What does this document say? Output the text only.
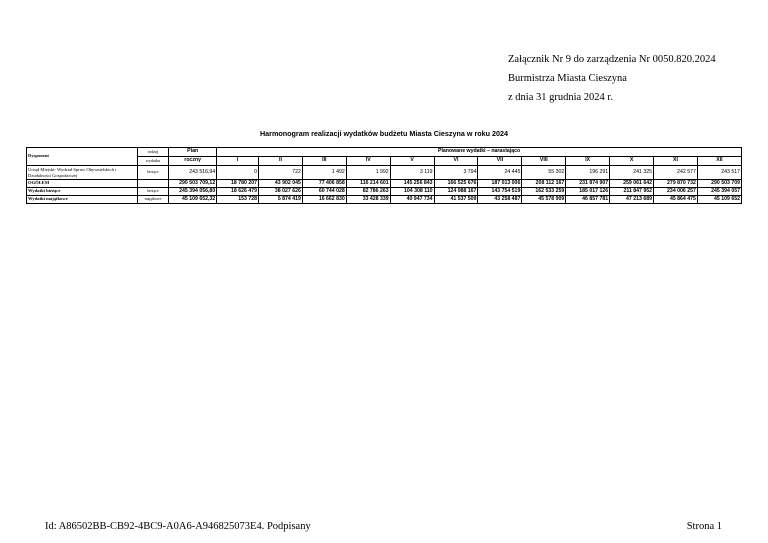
Załącznik Nr 9 do zarządzenia Nr 0050.820.2024
Burmistrza Miasta Cieszyna
z dnia 31 grudnia 2024 r.
Harmonogram realizacji wydatków budżetu Miasta Cieszyna w roku 2024
Dysponent	rodzaj	Plan	Planowane wydatki – narastająco											
	wydatku	roczny	I	II	III	IV	V	VI	VII	VIII	IX	X	XI	XII
Urząd Miejski- Wydział Spraw Obywatelskich i Działalności Gospodarczej	bieżące	243 516,94	0	722	1 492	1 992	3 119	3 794	24 445	55 302	196 291	241 325	242 577	243 517
OGÓŁEM		290 503 709,12	18 780 207	43 902 045	77 406 858	116 214 601	145 256 843	166 525 676	187 013 006	208 112 167	231 874 907	259 061 642	279 870 732	290 503 709
Wydatki bieżące	bieżące	245 394 056,80	18 626 479	38 027 626	60 744 028	82 786 263	104 308 110	124 988 167	143 754 519	162 533 259	185 017 126	211 847 952	234 006 257	245 394 057
Wydatki majątkowe	majątkowe	45 109 652,32	153 728	5 874 419	16 662 830	33 428 339	40 947 734	41 537 509	43 258 487	45 578 909	46 857 781	47 213 689	45 864 475	45 109 652
Id: A86502BB-CB92-4BC9-A0A6-A946825073E4. Podpisany	Strona 1
